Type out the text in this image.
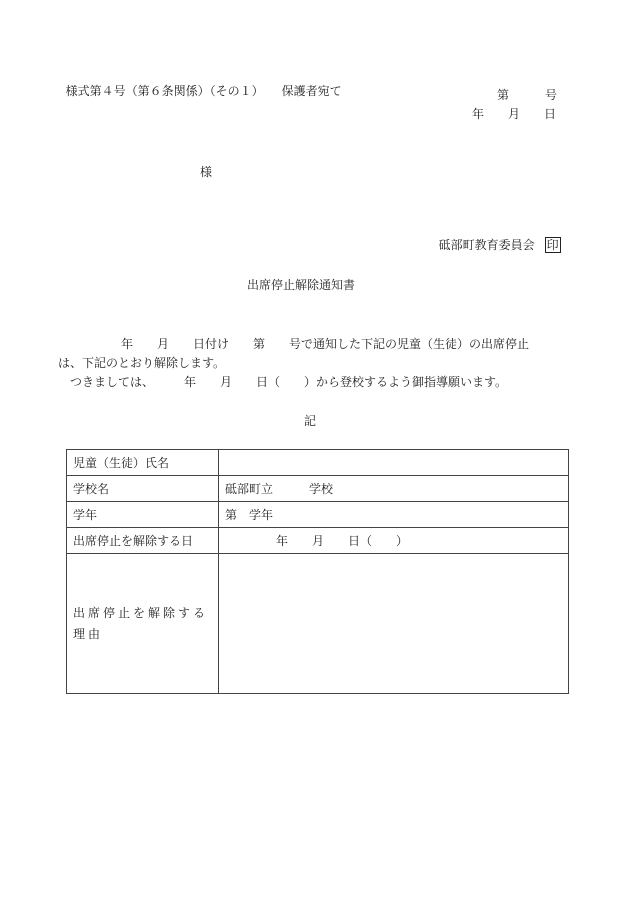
様式第４号（第６条関係）（その１） 保護者宛て	第　　　号
年　　月　　日
様

砥部町教育委員会 印

出席停止解除通知書
年　　月　　日付け　　第　　号で通知した下記の児童（生徒）の出席停止
は、下記のとおり解除します。
つきましては、　　　年　　月　　日（　　）から登校するよう御指導願います。
記
児童（生徒）氏名	
学校名	砥部町立　　　学校
学年	第　学年
出席停止を解除する日	年　　月　　日（　　）

出席停止を解除する理由	
